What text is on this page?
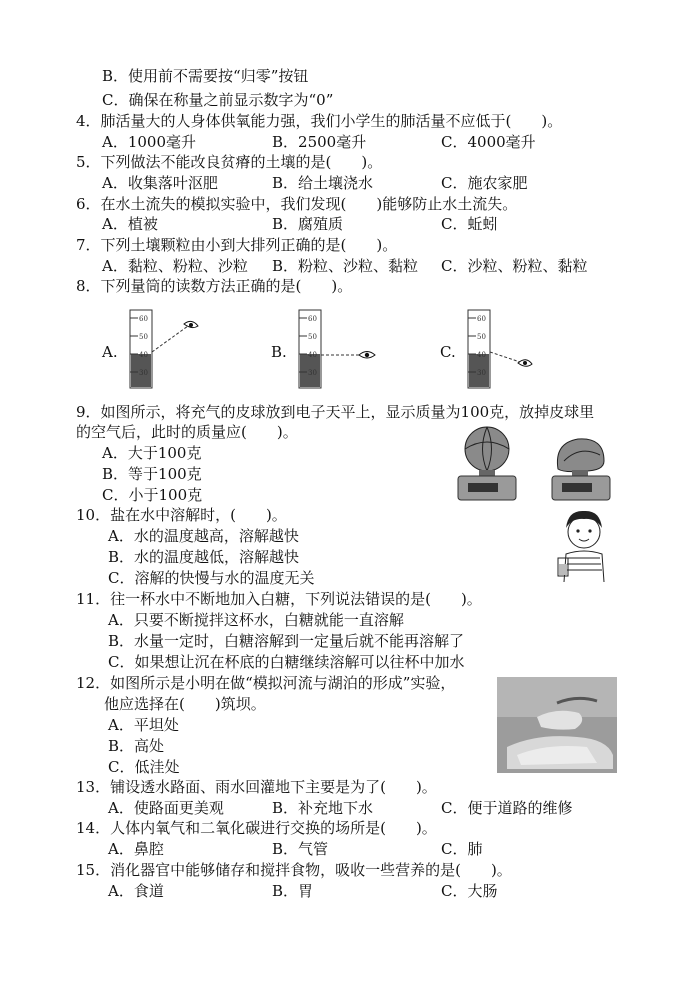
B．使用前不需要按“归零”按钮
C．确保在称量之前显示数字为“0”
4．肺活量大的人身体供氧能力强，我们小学生的肺活量不应低于(　　)。
A．1000毫升	B．2500毫升	C．4000毫升
5．下列做法不能改良贫瘠的土壤的是(　　)。
A．收集落叶沤肥	B．给土壤浇水	C．施农家肥
6．在水土流失的模拟实验中，我们发现(　　)能够防止水土流失。
A．植被	B．腐殖质	C．蚯蚓
7．下列土壤颗粒由小到大排列正确的是(　　)。
A．黏粒、粉粒、沙粒 B．粉粒、沙粒、黏粒 C．沙粒、粉粒、黏粒
8．下列量筒的读数方法正确的是(　　)。
A.	B.	C.
60
50
40
30
60
50
40
30
60
50
40
30
9．如图所示，将充气的皮球放到电子天平上，显示质量为100克，放掉皮球里
的空气后，此时的质量应(　　)。
A．大于100克
B．等于100克
C．小于100克
10．盐在水中溶解时，(　　)。
A．水的温度越高，溶解越快
B．水的温度越低，溶解越快
C．溶解的快慢与水的温度无关
11．往一杯水中不断地加入白糖，下列说法错误的是(　　)。
A．只要不断搅拌这杯水，白糖就能一直溶解
B．水量一定时，白糖溶解到一定量后就不能再溶解了
C．如果想让沉在杯底的白糖继续溶解可以往杯中加水
12．如图所示是小明在做“模拟河流与湖泊的形成”实验，
他应选择在(　　)筑坝。
A．平坦处
B．高处
C．低洼处
13．铺设透水路面、雨水回灌地下主要是为了(　　)。
A．使路面更美观	B．补充地下水	C．便于道路的维修
14．人体内氧气和二氧化碳进行交换的场所是(　　)。
A．鼻腔	B．气管	C．肺
15．消化器官中能够储存和搅拌食物，吸收一些营养的是(　　)。
A．食道	B．胃	C．大肠
